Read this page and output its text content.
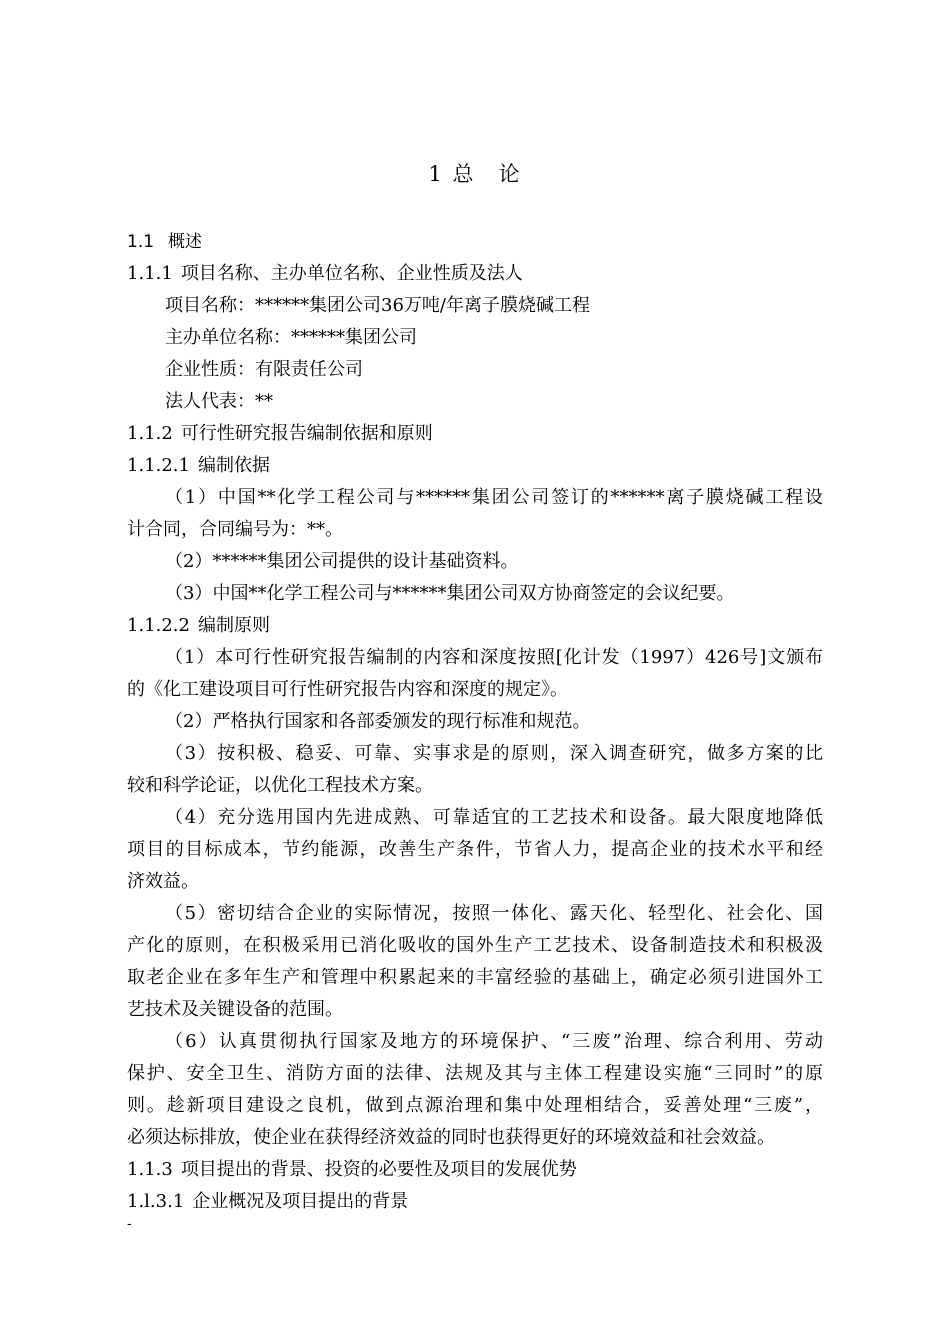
1 总　论

1.1 概述

1.1.1 项目名称、主办单位名称、企业性质及法人

项目名称：******集团公司36万吨/年离子膜烧碱工程

主办单位名称：******集团公司

企业性质：有限责任公司

法人代表：**

1.1.2 可行性研究报告编制依据和原则

1.1.2.1 编制依据

（1）中国**化学工程公司与******集团公司签订的******离子膜烧碱工程设
计合同，合同编号为：**。
（2）******集团公司提供的设计基础资料。
（3）中国**化学工程公司与******集团公司双方协商签定的会议纪要。

1.1.2.2 编制原则

（1）本可行性研究报告编制的内容和深度按照[化计发（1997）426号]文颁布
的《化工建设项目可行性研究报告内容和深度的规定》。
（2）严格执行国家和各部委颁发的现行标准和规范。
（3）按积极、稳妥、可靠、实事求是的原则，深入调查研究，做多方案的比
较和科学论证，以优化工程技术方案。
（4）充分选用国内先进成熟、可靠适宜的工艺技术和设备。最大限度地降低
项目的目标成本，节约能源，改善生产条件，节省人力，提高企业的技术水平和经
济效益。
（5）密切结合企业的实际情况，按照一体化、露天化、轻型化、社会化、国
产化的原则，在积极采用已消化吸收的国外生产工艺技术、设备制造技术和积极汲
取老企业在多年生产和管理中积累起来的丰富经验的基础上，确定必须引进国外工
艺技术及关键设备的范围。
（6）认真贯彻执行国家及地方的环境保护、“三废”治理、综合利用、劳动
保护、安全卫生、消防方面的法律、法规及其与主体工程建设实施“三同时”的原
则。趁新项目建设之良机，做到点源治理和集中处理相结合，妥善处理“三废”，
必须达标排放，使企业在获得经济效益的同时也获得更好的环境效益和社会效益。

1.1.3 项目提出的背景、投资的必要性及项目的发展优势

1.l.3.1 企业概况及项目提出的背景

-
